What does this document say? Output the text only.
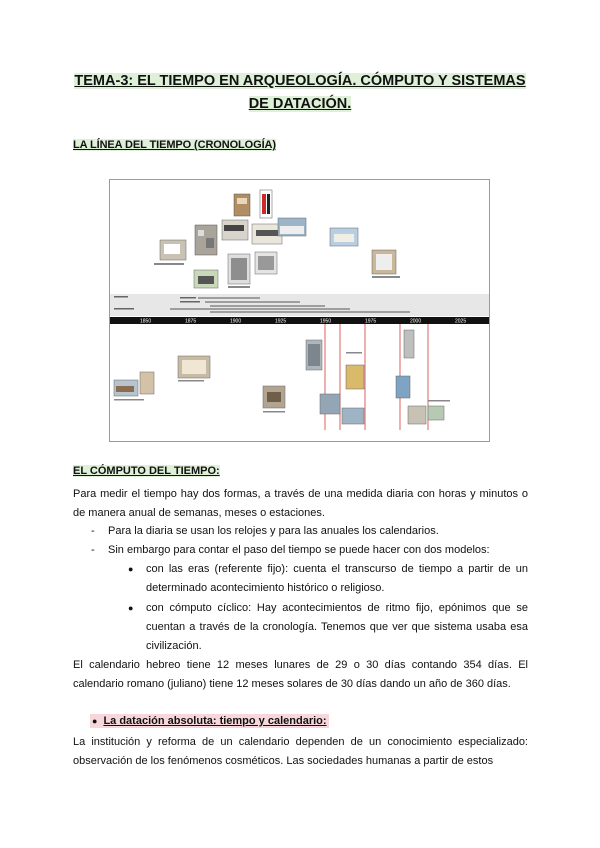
TEMA-3: EL TIEMPO EN ARQUEOLOGÍA. CÓMPUTO Y SISTEMAS
DE DATACIÓN.
LA LÍNEA DEL TIEMPO (CRONOLOGÍA)
1850	1875	1900	1925	1950	1975	2000	2025
EL CÓMPUTO DEL TIEMPO:
Para medir el tiempo hay dos formas, a través de una medida diaria con horas y minutos o de manera anual de semanas, meses o estaciones.
- Para la diaria se usan los relojes y para las anuales los calendarios.
- Sin embargo para contar el paso del tiempo se puede hacer con dos modelos:
● con las eras (referente fijo): cuenta el transcurso de tiempo a partir de un determinado acontecimiento histórico o religioso.
● con cómputo cíclico: Hay acontecimientos de ritmo fijo, epónimos que se cuentan a través de la cronología. Tenemos que ver que sistema usaba esa civilización.
El calendario hebreo tiene 12 meses lunares de 29 o 30 días contando 354 días. El calendario romano (juliano) tiene 12 meses solares de 30 días dando un año de 360 días.
● La datación absoluta: tiempo y calendario:
La institución y reforma de un calendario dependen de un conocimiento especializado: observación de los fenómenos cosméticos. Las sociedades humanas a partir de estos
